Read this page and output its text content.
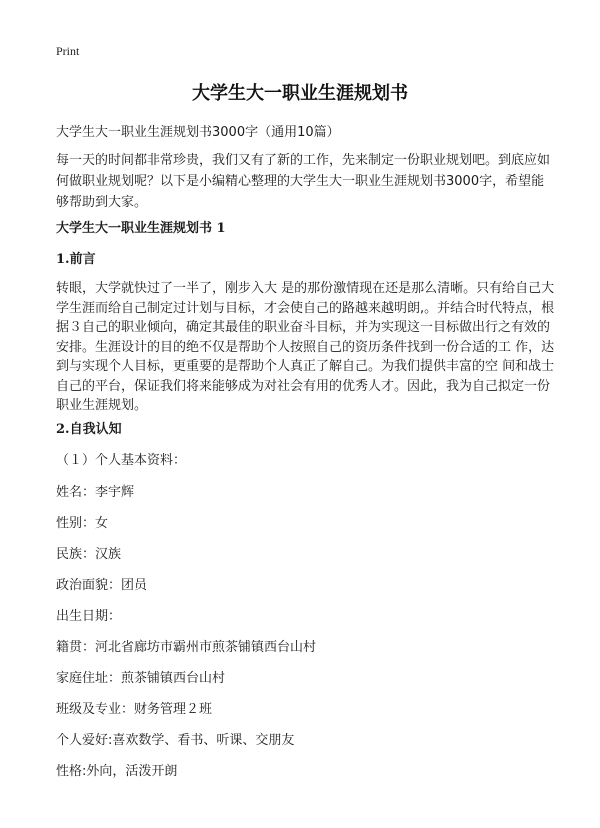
Print
大学生大一职业生涯规划书
大学生大一职业生涯规划书3000字（通用10篇）
每一天的时间都非常珍贵，我们又有了新的工作，先来制定一份职业规划吧。到底应如何做职业规划呢？以下是小编精心整理的大学生大一职业生涯规划书3000字，希望能够帮助到大家。
大学生大一职业生涯规划书 1
1.前言
转眼，大学就快过了一半了，刚步入大 是的那份激情现在还是那么清晰。只有给自己大学生涯而给自己制定过计划与目标，才会使自己的路越来越明朗,。并结合时代特点，根据３自己的职业倾向，确定其最佳的职业奋斗目标，并为实现这一目标做出行之有效的安排。生涯设计的目的绝不仅是帮助个人按照自己的资历条件找到一份合适的工 作，达到与实现个人目标，更重要的是帮助个人真正了解自己。为我们提供丰富的空 间和战士自己的平台，保证我们将来能够成为对社会有用的优秀人才。因此，我为自己拟定一份 职业生涯规划。
2.自我认知
（１）个人基本资料：
姓名：李宇辉
性别：女
民族：汉族
政治面貌：团员
出生日期：
籍贯：河北省廊坊市霸州市煎茶铺镇西台山村
家庭住址：煎茶铺镇西台山村
班级及专业：财务管理２班
个人爱好:喜欢数学、看书、听课、交朋友
性格:外向，活泼开朗
